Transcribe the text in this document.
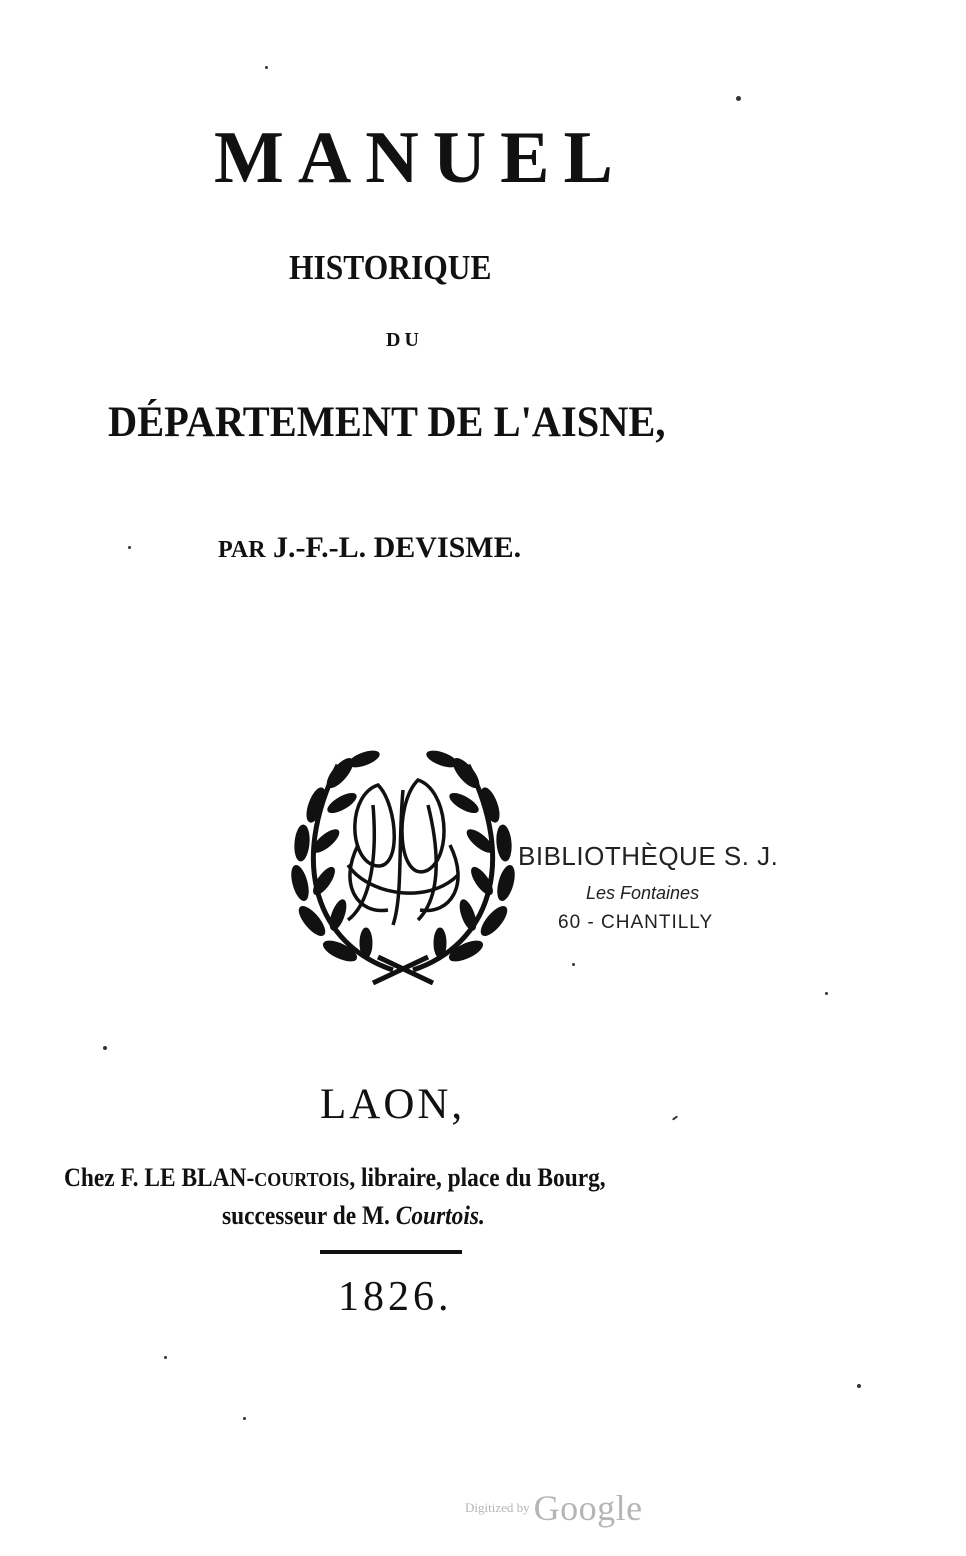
MANUEL
HISTORIQUE
DU
DÉPARTEMENT DE L'AISNE,
PAR J.-F.-L. DEVISME.
BIBLIOTHÈQUE S. J.
Les Fontaines
60 - CHANTILLY
LAON,
Chez F. LE BLAN-COURTOIS, libraire, place du Bourg,
successeur de M. Courtois.
1826.
Digitized by Google
